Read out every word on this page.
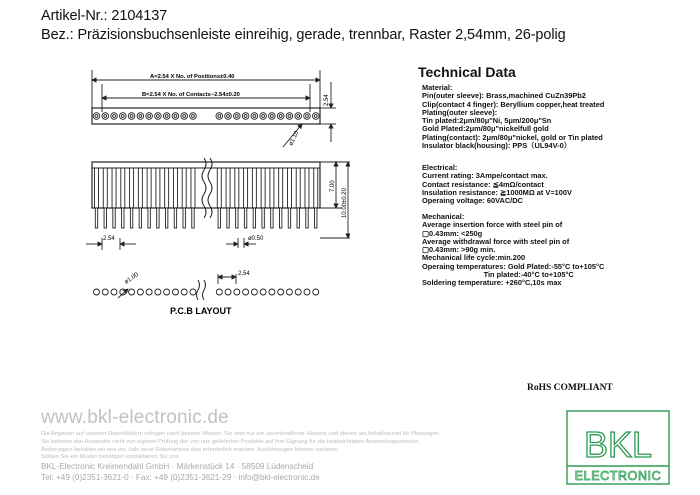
Artikel-Nr.: 2104137
Bez.: Präzisionsbuchsenleiste einreihig, gerade, trennbar, Raster 2,54mm, 26-polig
A=2.54 X No. of Positions±0.40
B=2.54 X No. of Contacts−2.54±0.20	2.54
ø1.10
7.00
10.00±0.20
2.54	ø0.50
2.54
ø1.00
P.C.B LAYOUT
Technical Data
Material:
Pin(outer sleeve): Brass,machined CuZn39Pb2
Clip(contact 4 finger): Beryllium copper,heat treated
Plating(outer sleeve):
Tin plated:2μm/80μ"Ni, 5μm/200μ"Sn
Gold Plated:2μm/80μ"nickelfull gold
Plating(contact): 2μm/80μ"nickel, gold or Tin plated
Insulator black(housing): PPS（UL94V-0）
Electrical:
Current rating: 3Ampe/contact max.
Contact resistance: ≦4mΩ/contact
Insulation resistance: ≧1000MΩ at V=100V
Operaing voltage: 60VAC/DC
Mechanical:
Average insertion force with steel pin of
▢0.43mm: <250g
Average withdrawal force with steel pin of
▢0.43mm: >90g min.
Mechanical life cycle:min.200
Operaing temperatures: Gold Plated:-55°C to+105°C
Tin plated:-40°C to+105°C
Soldering temperature: +260°C,10s max
RoHS COMPLIANT
www.bkl-electronic.de
Die Angaben auf unseren Datenblättern erfolgen nach bestem Wissen. Sie sind nur ein unverbindlicher Hinweis und dienen als Anhaltspunkt für Planungen.
Sie befreien den Anwender nicht von eigener Prüfung der von uns gelieferten Produkte auf ihre Eignung für die beabsichtigten Anwendungszwecke.
Änderungen behalten wir uns vor, falls neue Erkenntnisse dies erforderlich machen. Ausführungen können variieren.
Sollten Sie ein Muster benötigen kontaktieren Sie uns.
BKL-Electronic Kreimendahl GmbH · Märkenstück 14 · 58509 Lüdenscheid
Tel: +49 (0)2351-3621-0 · Fax: +49 (0)2351-3621-29 · info@bkl-electronic.de
BKL
ELECTRONIC
